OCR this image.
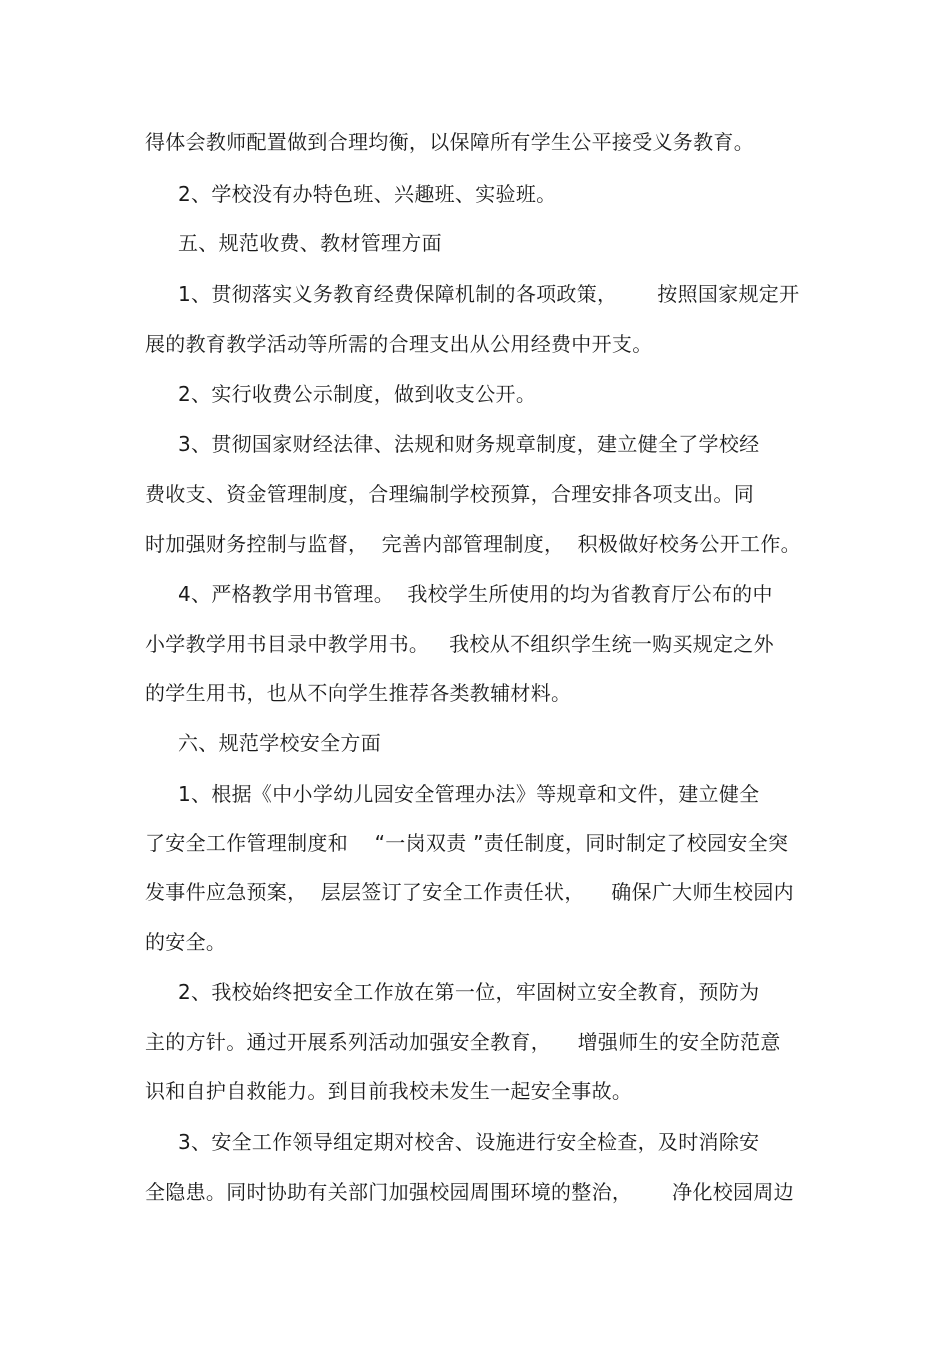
得体会教师配置做到合理均衡，以保障所有学生公平接受义务教育。
2、学校没有办特色班、兴趣班、实验班。
五、规范收费、教材管理方面
1、贯彻落实义务教育经费保障机制的各项政策，      按照国家规定开
展的教育教学活动等所需的合理支出从公用经费中开支。
2、实行收费公示制度，做到收支公开。
3、贯彻国家财经法律、法规和财务规章制度，建立健全了学校经
费收支、资金管理制度，合理编制学校预算，合理安排各项支出。同
时加强财务控制与监督，  完善内部管理制度，  积极做好校务公开工作。
4、严格教学用书管理。  我校学生所使用的均为省教育厅公布的中
小学教学用书目录中教学用书。   我校从不组织学生统一购买规定之外
的学生用书，也从不向学生推荐各类教辅材料。
六、规范学校安全方面
1、根据《中小学幼儿园安全管理办法》等规章和文件，建立健全
了安全工作管理制度和    “一岗双责 ”责任制度，同时制定了校园安全突
发事件应急预案，  层层签订了安全工作责任状，    确保广大师生校园内
的安全。
2、我校始终把安全工作放在第一位，牢固树立安全教育，预防为
主的方针。通过开展系列活动加强安全教育，    增强师生的安全防范意
识和自护自救能力。到目前我校未发生一起安全事故。
3、安全工作领导组定期对校舍、设施进行安全检查，及时消除安
全隐患。同时协助有关部门加强校园周围环境的整治，      净化校园周边
